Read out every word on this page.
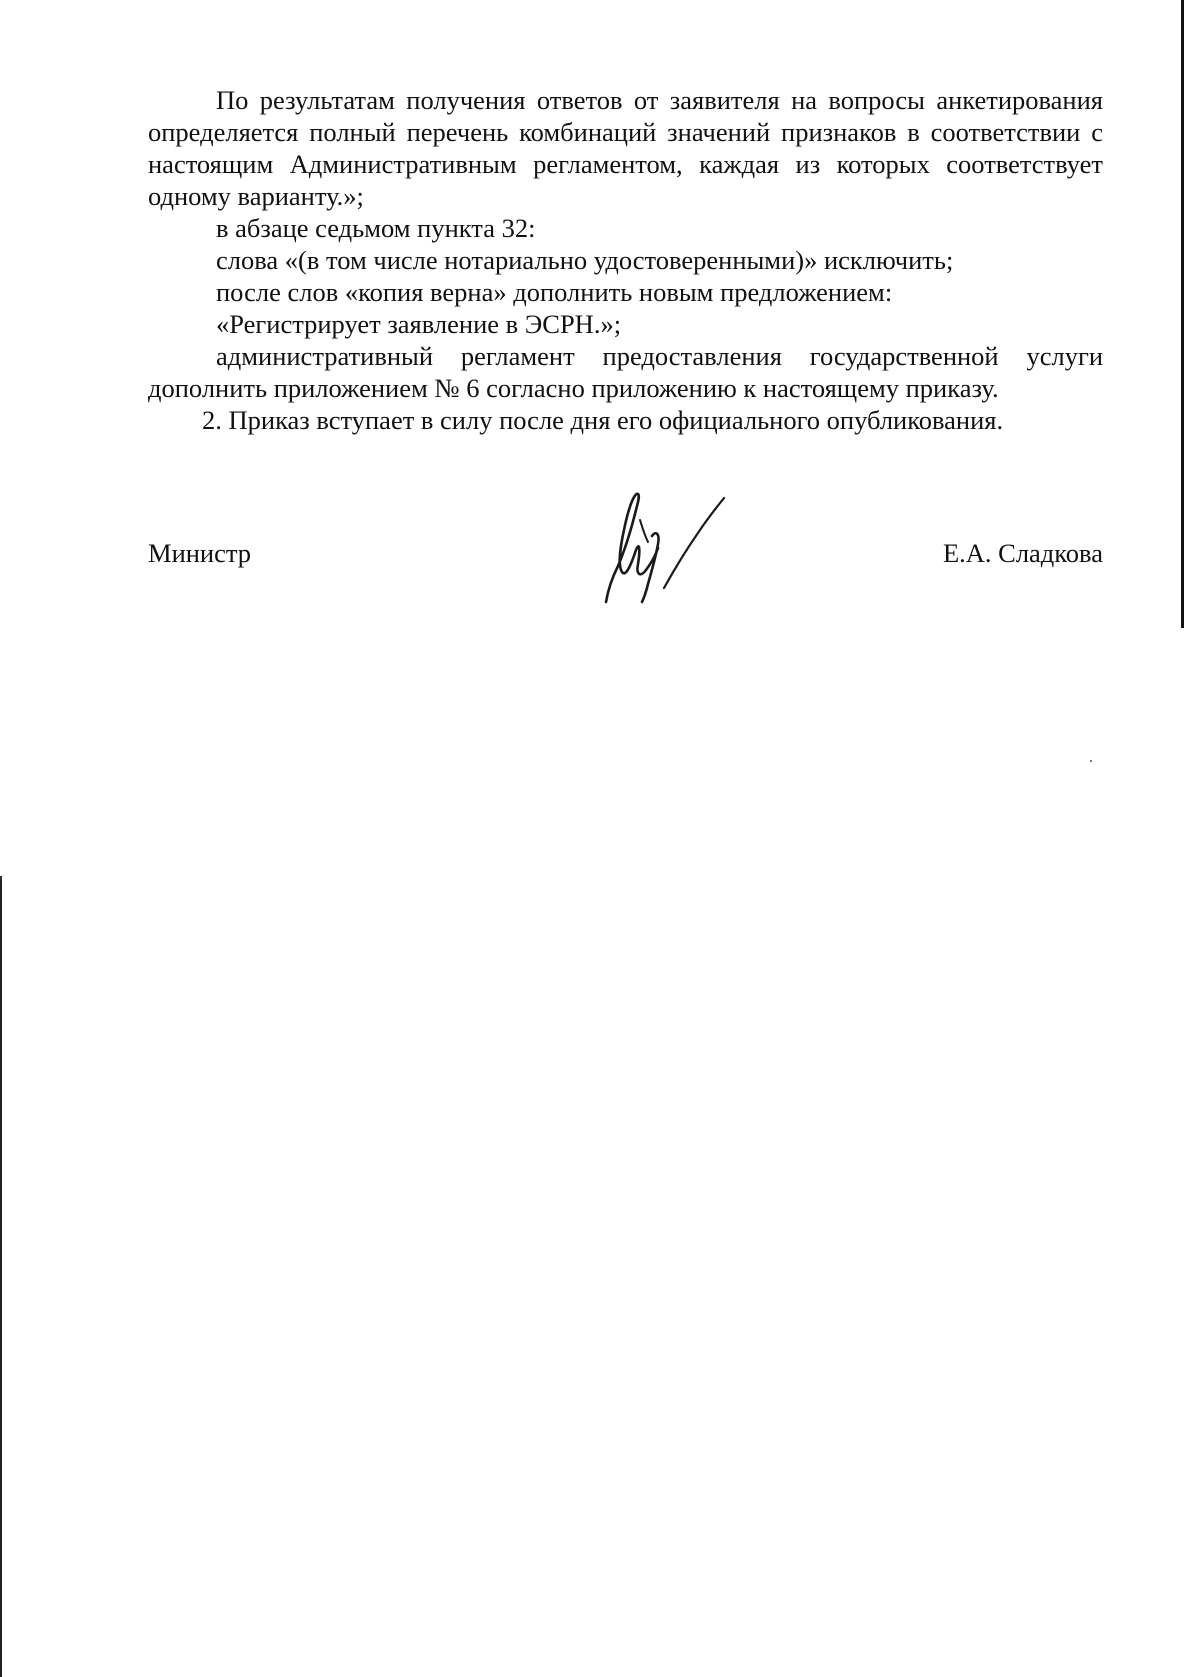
По результатам получения ответов от заявителя на вопросы анкетирования определяется полный перечень комбинаций значений признаков в соответствии с настоящим Административным регламентом, каждая из которых соответствует одному варианту.»;

в абзаце седьмом пункта 32:

слова «(в том числе нотариально удостоверенными)» исключить;

после слов «копия верна» дополнить новым предложением:

«Регистрирует заявление в ЭСРН.»;

административный регламент предоставления государственной услуги дополнить приложением № 6 согласно приложению к настоящему приказу.

2. Приказ вступает в силу после дня его официального опубликования.

Министр	Е.А. Сладкова
